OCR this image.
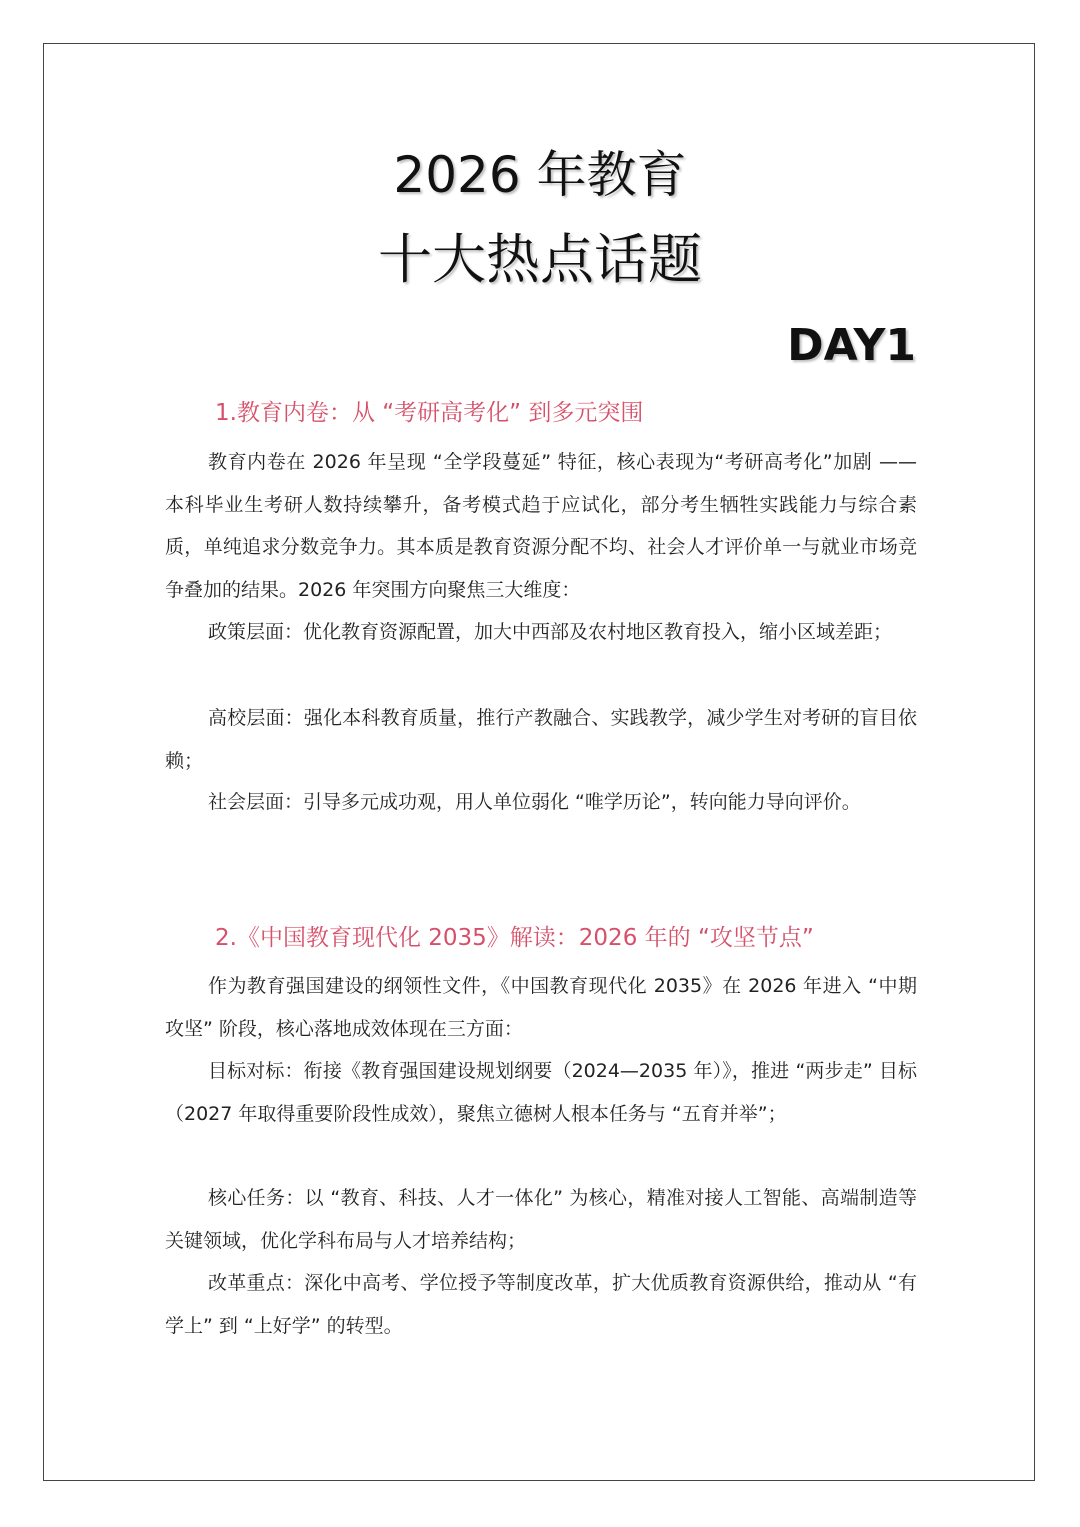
2026 年教育
十大热点话题
DAY1
1.教育内卷：从 “考研高考化” 到多元突围

教育内卷在 2026 年呈现 “全学段蔓延” 特征，核心表现为“考研高考化”加剧 —— 本科毕业生考研人数持续攀升，备考模式趋于应试化，部分考生牺牲实践能力与综合素质，单纯追求分数竞争力。其本质是教育资源分配不均、社会人才评价单一与就业市场竞争叠加的结果。2026 年突围方向聚焦三大维度：

政策层面：优化教育资源配置，加大中西部及农村地区教育投入，缩小区域差距；

高校层面：强化本科教育质量，推行产教融合、实践教学，减少学生对考研的盲目依赖；

社会层面：引导多元成功观，用人单位弱化 “唯学历论”，转向能力导向评价。

2.《中国教育现代化 2035》解读：2026 年的 “攻坚节点”

作为教育强国建设的纲领性文件，《中国教育现代化 2035》在 2026 年进入 “中期攻坚” 阶段，核心落地成效体现在三方面：

目标对标：衔接《教育强国建设规划纲要（2024—2035 年）》，推进 “两步走” 目标（2027 年取得重要阶段性成效），聚焦立德树人根本任务与 “五育并举”；

核心任务：以 “教育、科技、人才一体化” 为核心，精准对接人工智能、高端制造等关键领域，优化学科布局与人才培养结构；

改革重点：深化中高考、学位授予等制度改革，扩大优质教育资源供给，推动从 “有学上” 到 “上好学” 的转型。
